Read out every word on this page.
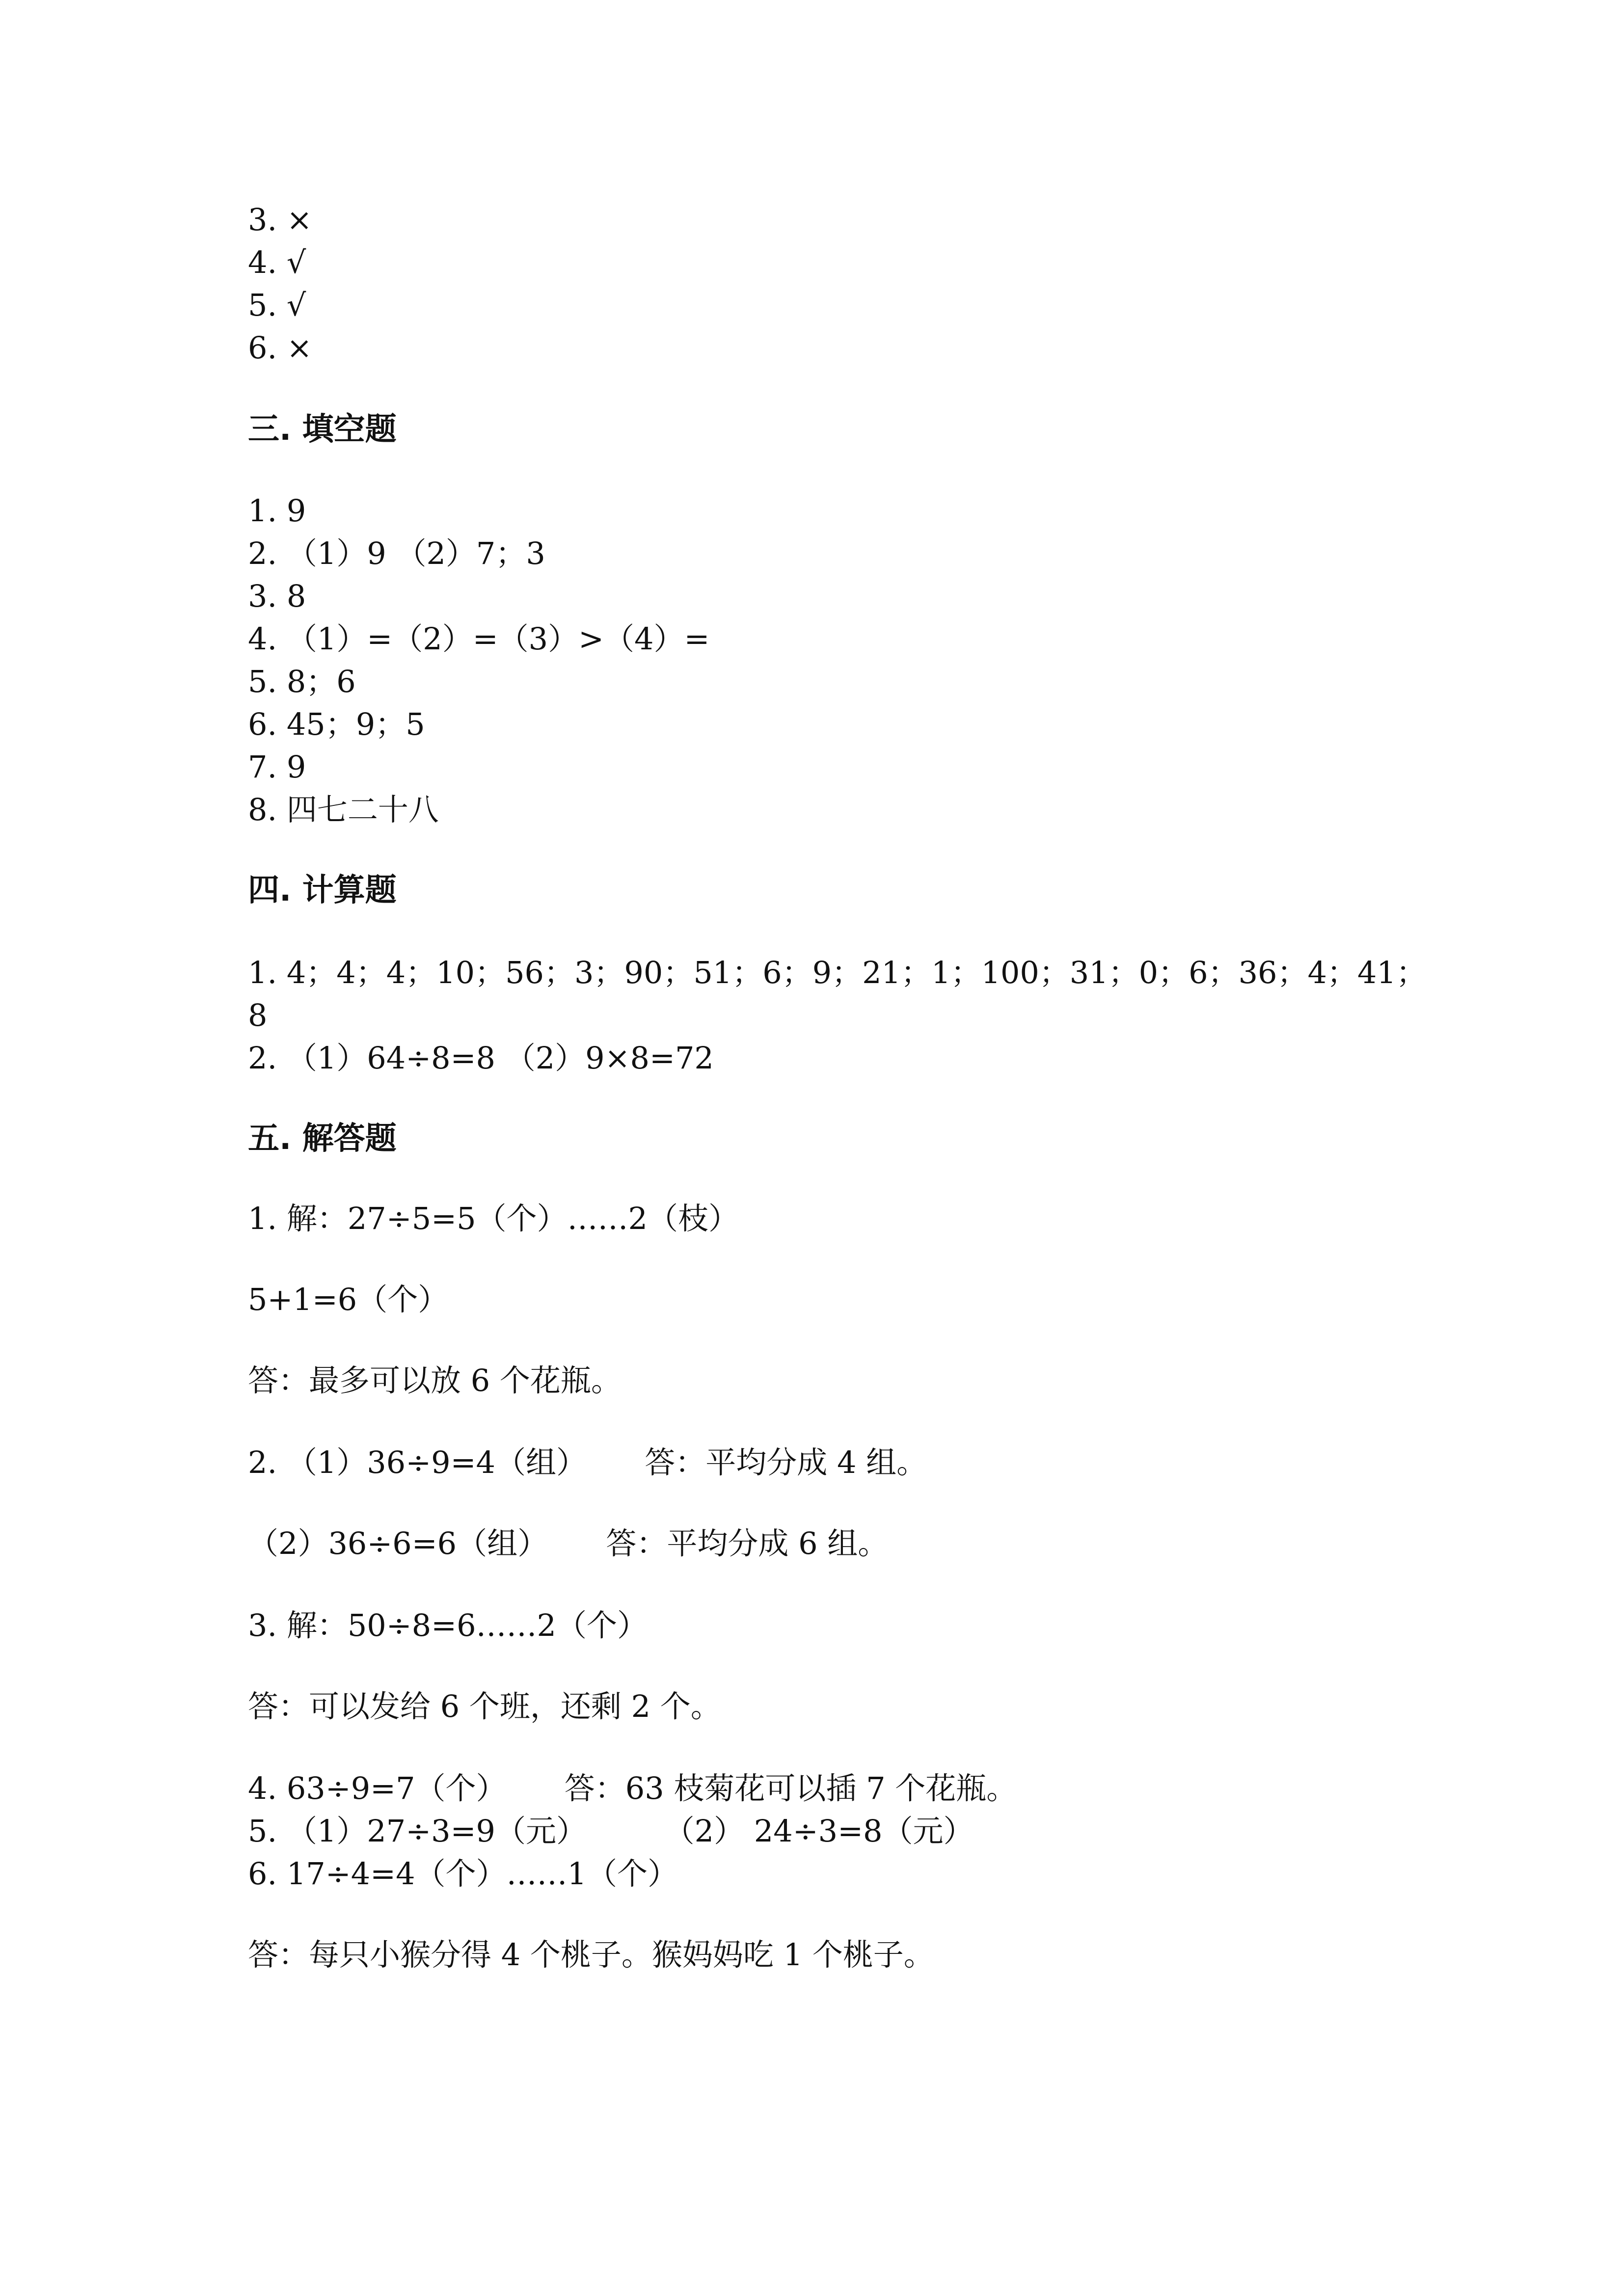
3. ×
4. √
5. √
6. ×
三. 填空题
1. 9
2. （1）9 （2）7；3
3. 8
4. （1）=（2）=（3）>（4）=
5. 8；6
6. 45；9；5
7. 9
8. 四七二十八
四. 计算题
1. 4；4；4；10；56；3；90；51；6；9；21；1；100；31；0；6；36；4；41；
8
2. （1）64÷8=8 （2）9×8=72
五. 解答题
1. 解：27÷5=5（个）……2（枝）
5+1=6（个）
答：最多可以放 6 个花瓶。
2. （1）36÷9=4（组）      答：平均分成 4 组。
（2）36÷6=6（组）      答：平均分成 6 组。
3. 解：50÷8=6……2（个）
答：可以发给 6 个班，还剩 2 个。
4. 63÷9=7（个）      答：63 枝菊花可以插 7 个花瓶。
5. （1）27÷3=9（元）        （2） 24÷3=8（元）
6. 17÷4=4（个）……1（个）
答：每只小猴分得 4 个桃子。猴妈妈吃 1 个桃子。
